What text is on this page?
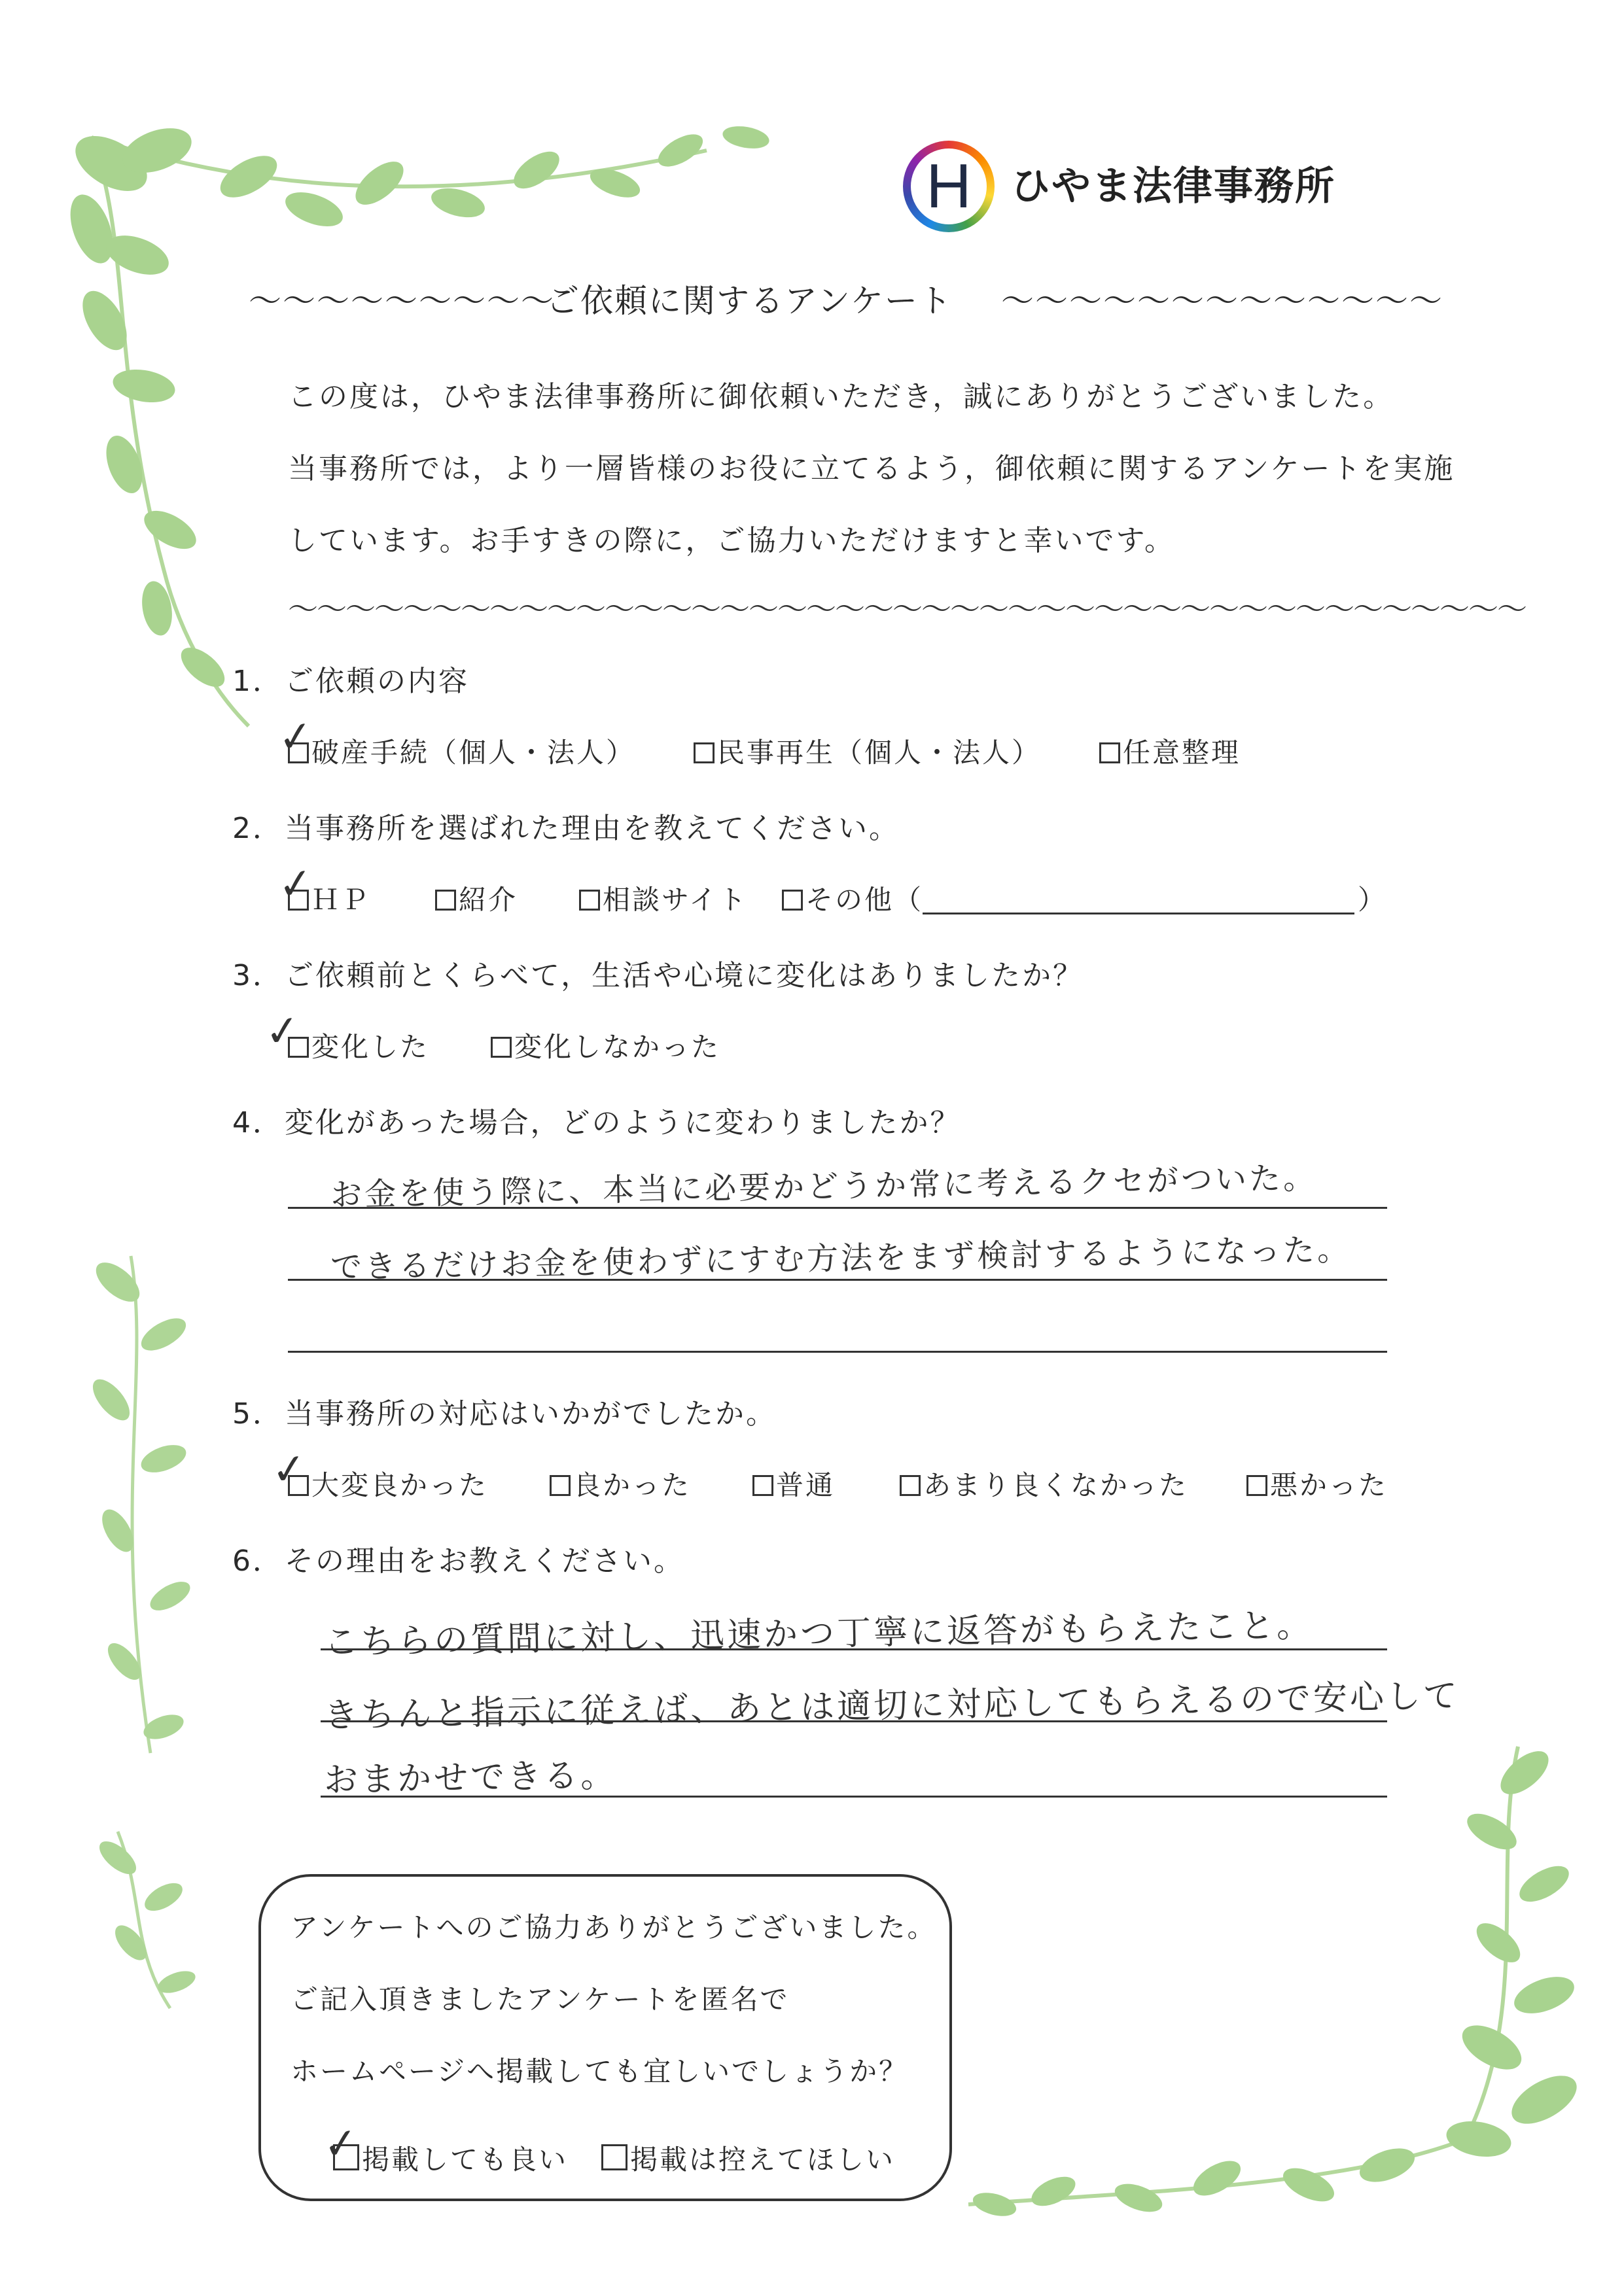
H	ひやま法律事務所
～～～～～～～～～
ご依頼に関するアンケート ～～～～～～～～～～～～～
この度は，ひやま法律事務所に御依頼いただき，誠にありがとうございました。
当事務所では，より一層皆様のお役に立てるよう，御依頼に関するアンケートを実施
しています。お手すきの際に，ご協力いただけますと幸いです。
～～～～～～～～～～～～～～～～～～～～～～～～～～～～～～～～～～～～～～～～～～～
1．ご依頼の内容
破産手続（個人・法人）
✓	民事再生（個人・法人）	任意整理
2．当事務所を選ばれた理由を教えてください。
ＨＰ
✓	紹介	相談サイト	その他（	）
3．ご依頼前とくらべて，生活や心境に変化はありましたか？
変化した
✓	変化しなかった
4．変化があった場合，どのように変わりましたか？
お金を使う際に、本当に必要かどうか常に考えるクセがついた。
できるだけお金を使わずにすむ方法をまず検討するようになった。
5．当事務所の対応はいかがでしたか。
大変良かった
✓	良かった	普通	あまり良くなかった	悪かった
6．その理由をお教えください。
こちらの質問に対し、迅速かつ丁寧に返答がもらえたこと。
きちんと指示に従えば、あとは適切に対応してもらえるので安心して
おまかせできる。
アンケートへのご協力ありがとうございました。
ご記入頂きましたアンケートを匿名で
ホームページへ掲載しても宜しいでしょうか？
掲載しても良い
✓	掲載は控えてほしい
